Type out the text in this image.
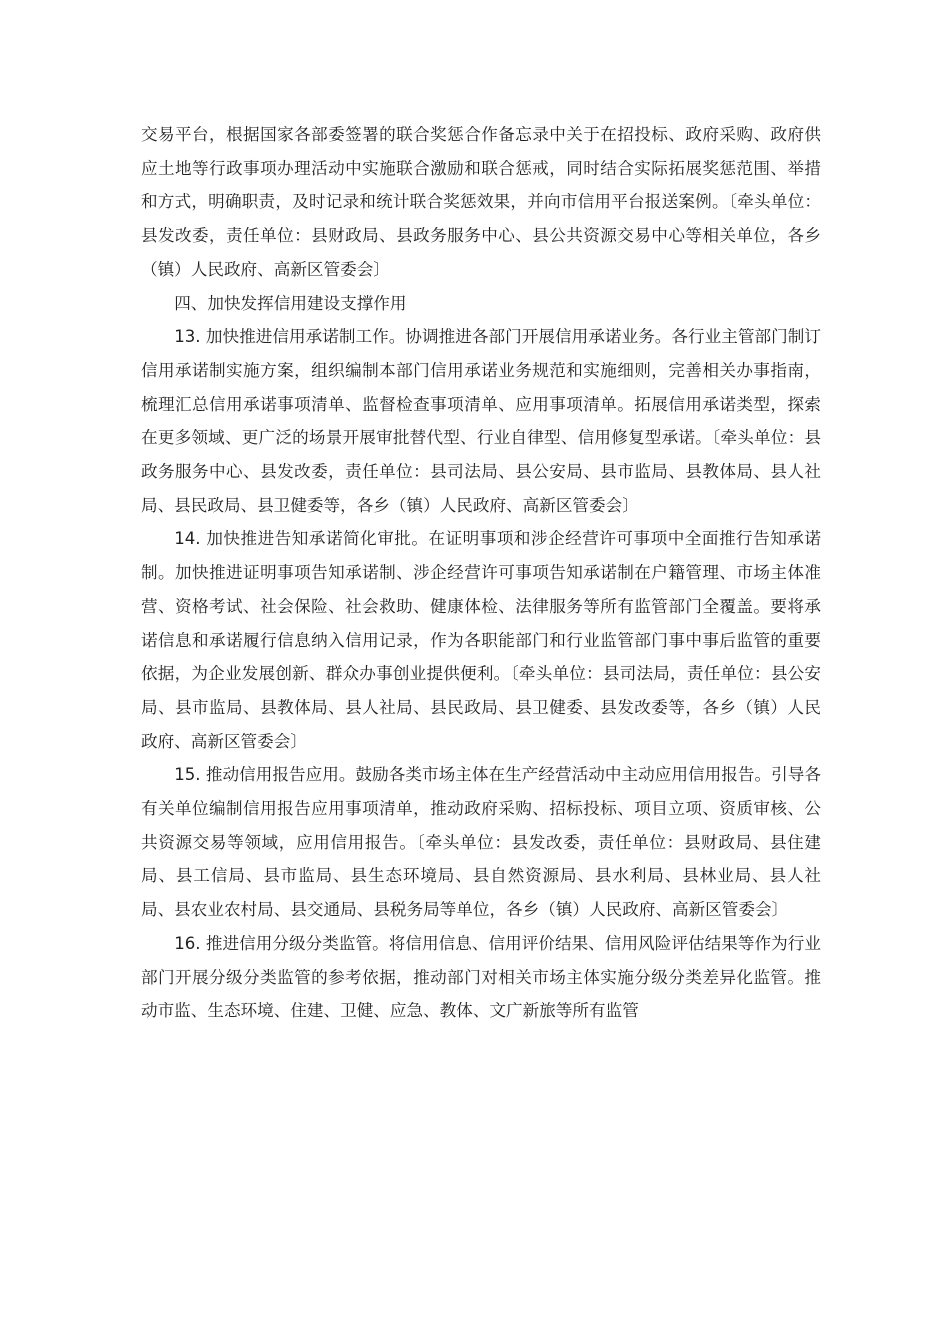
交易平台，根据国家各部委签署的联合奖惩合作备忘录中关于在招投标、政府采购、政府供应土地等行政事项办理活动中实施联合激励和联合惩戒，同时结合实际拓展奖惩范围、举措和方式，明确职责，及时记录和统计联合奖惩效果，并向市信用平台报送案例。〔牵头单位：县发改委，责任单位：县财政局、县政务服务中心、县公共资源交易中心等相关单位，各乡（镇）人民政府、高新区管委会〕

四、加快发挥信用建设支撑作用

13. 加快推进信用承诺制工作。协调推进各部门开展信用承诺业务。各行业主管部门制订信用承诺制实施方案，组织编制本部门信用承诺业务规范和实施细则，完善相关办事指南，梳理汇总信用承诺事项清单、监督检查事项清单、应用事项清单。拓展信用承诺类型，探索在更多领域、更广泛的场景开展审批替代型、行业自律型、信用修复型承诺。〔牵头单位：县政务服务中心、县发改委，责任单位：县司法局、县公安局、县市监局、县教体局、县人社局、县民政局、县卫健委等，各乡（镇）人民政府、高新区管委会〕

14. 加快推进告知承诺简化审批。在证明事项和涉企经营许可事项中全面推行告知承诺制。加快推进证明事项告知承诺制、涉企经营许可事项告知承诺制在户籍管理、市场主体准营、资格考试、社会保险、社会救助、健康体检、法律服务等所有监管部门全覆盖。要将承诺信息和承诺履行信息纳入信用记录，作为各职能部门和行业监管部门事中事后监管的重要依据，为企业发展创新、群众办事创业提供便利。〔牵头单位：县司法局，责任单位：县公安局、县市监局、县教体局、县人社局、县民政局、县卫健委、县发改委等，各乡（镇）人民政府、高新区管委会〕

15. 推动信用报告应用。鼓励各类市场主体在生产经营活动中主动应用信用报告。引导各有关单位编制信用报告应用事项清单，推动政府采购、招标投标、项目立项、资质审核、公共资源交易等领域，应用信用报告。〔牵头单位：县发改委，责任单位：县财政局、县住建局、县工信局、县市监局、县生态环境局、县自然资源局、县水利局、县林业局、县人社局、县农业农村局、县交通局、县税务局等单位，各乡（镇）人民政府、高新区管委会〕

16. 推进信用分级分类监管。将信用信息、信用评价结果、信用风险评估结果等作为行业部门开展分级分类监管的参考依据，推动部门对相关市场主体实施分级分类差异化监管。推动市监、生态环境、住建、卫健、应急、教体、文广新旅等所有监管
